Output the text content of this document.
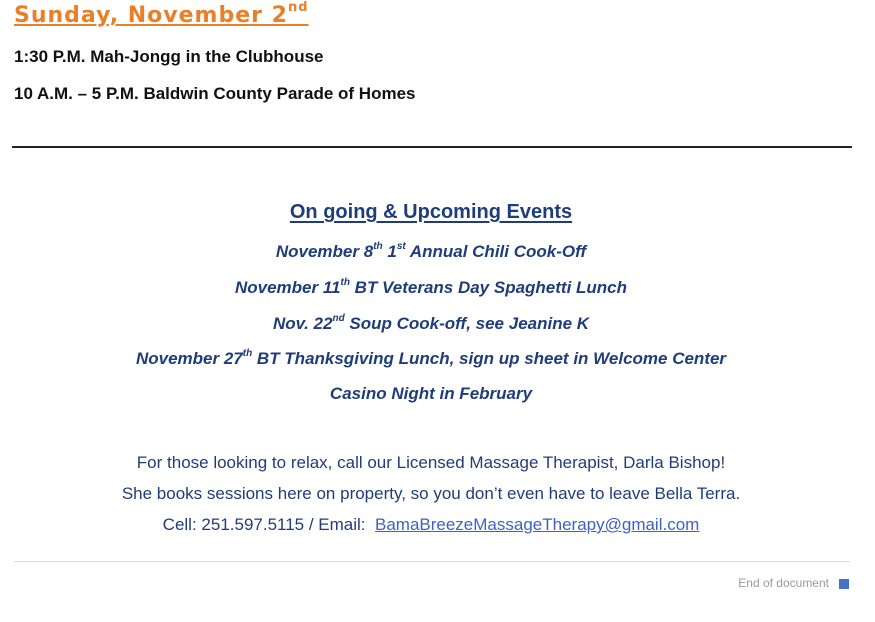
Sunday, November 2nd
1:30 P.M. Mah-Jongg in the Clubhouse
10 A.M. – 5 P.M. Baldwin County Parade of Homes
On going & Upcoming Events
November 8th 1st Annual Chili Cook-Off
November 11th BT Veterans Day Spaghetti Lunch
Nov. 22nd Soup Cook-off, see Jeanine K
November 27th BT Thanksgiving Lunch, sign up sheet in Welcome Center
Casino Night in February
For those looking to relax, call our Licensed Massage Therapist, Darla Bishop!
She books sessions here on property, so you don’t even have to leave Bella Terra.
Cell: 251.597.5115 / Email:  BamaBreezeMassageTherapy@gmail.com
End of document
